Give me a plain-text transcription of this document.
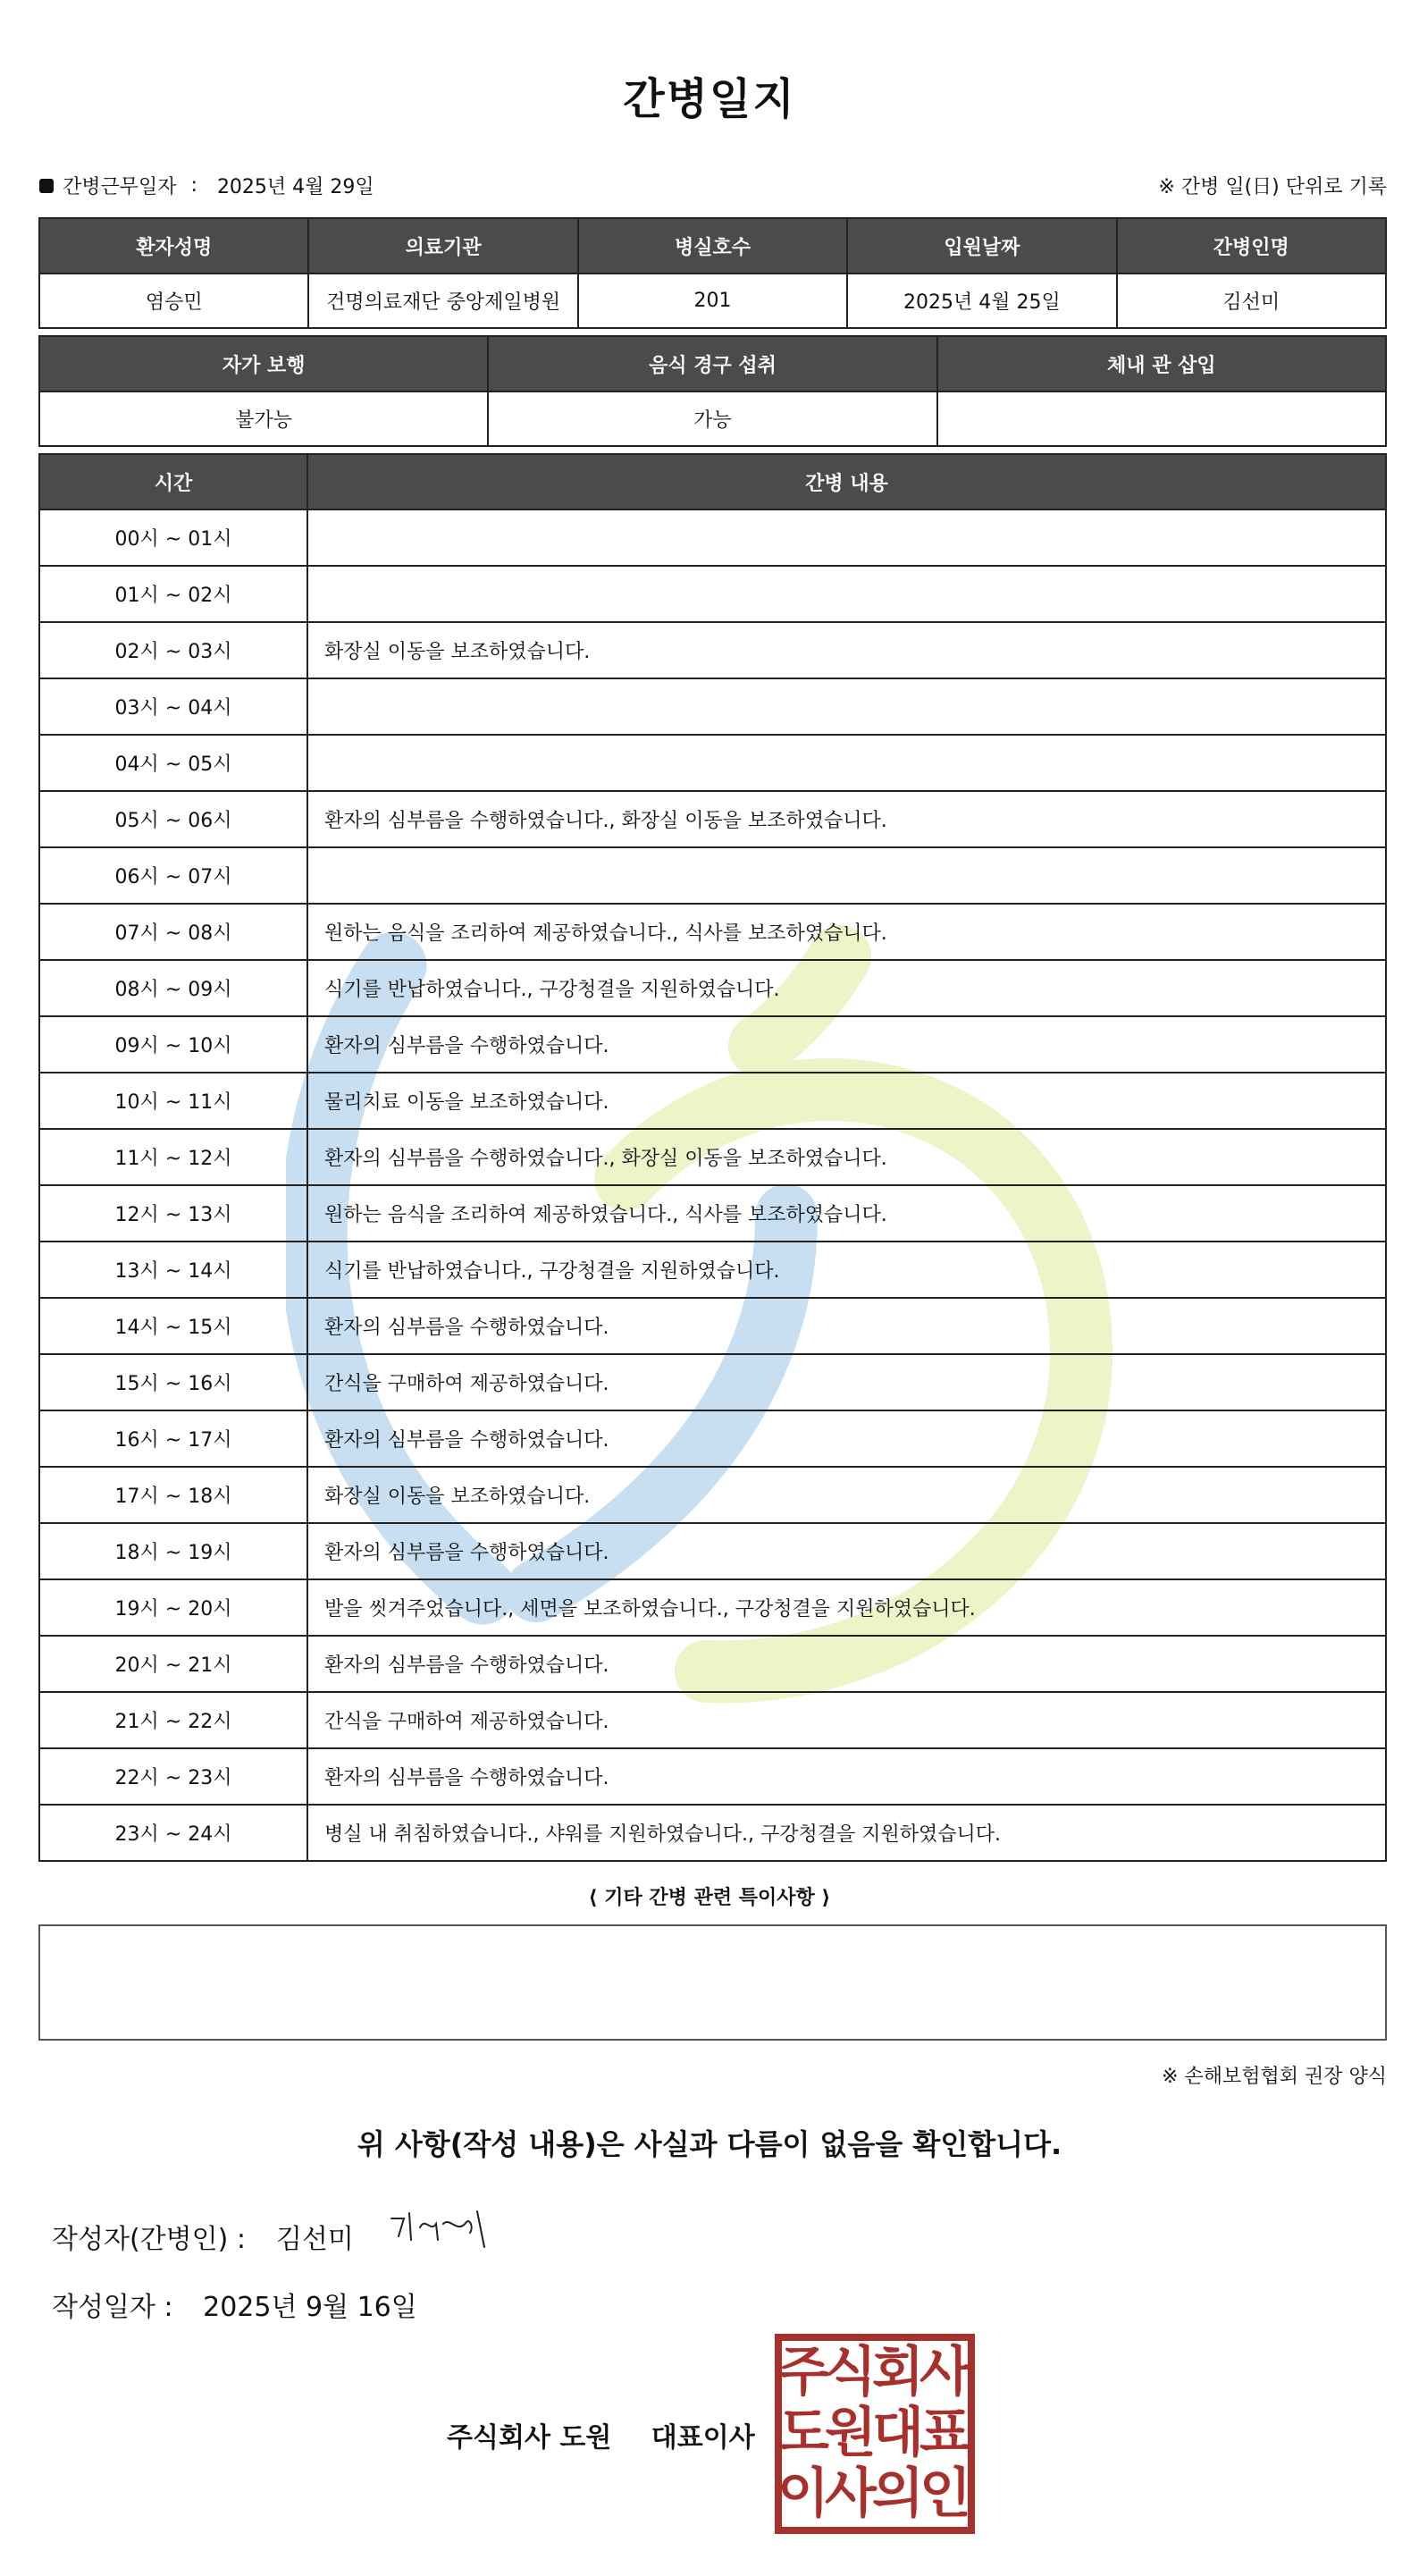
간병일지
간병근무일자 : 2025년 4월 29일	※ 간병 일(日) 단위로 기록
환자성명	의료기관	병실호수	입원날짜	간병인명
염승민	건명의료재단 중앙제일병원	201	2025년 4월 25일	김선미
자가 보행	음식 경구 섭취	체내 관 삽입
불가능	가능	
시간	간병 내용
00시 ~ 01시	
01시 ~ 02시	
02시 ~ 03시	화장실 이동을 보조하였습니다.
03시 ~ 04시	
04시 ~ 05시	
05시 ~ 06시	환자의 심부름을 수행하였습니다., 화장실 이동을 보조하였습니다.
06시 ~ 07시	
07시 ~ 08시	원하는 음식을 조리하여 제공하였습니다., 식사를 보조하였습니다.
08시 ~ 09시	식기를 반납하였습니다., 구강청결을 지원하였습니다.
09시 ~ 10시	환자의 심부름을 수행하였습니다.
10시 ~ 11시	물리치료 이동을 보조하였습니다.
11시 ~ 12시	환자의 심부름을 수행하였습니다., 화장실 이동을 보조하였습니다.
12시 ~ 13시	원하는 음식을 조리하여 제공하였습니다., 식사를 보조하였습니다.
13시 ~ 14시	식기를 반납하였습니다., 구강청결을 지원하였습니다.
14시 ~ 15시	환자의 심부름을 수행하였습니다.
15시 ~ 16시	간식을 구매하여 제공하였습니다.
16시 ~ 17시	환자의 심부름을 수행하였습니다.
17시 ~ 18시	화장실 이동을 보조하였습니다.
18시 ~ 19시	환자의 심부름을 수행하였습니다.
19시 ~ 20시	발을 씻겨주었습니다., 세면을 보조하였습니다., 구강청결을 지원하였습니다.
20시 ~ 21시	환자의 심부름을 수행하였습니다.
21시 ~ 22시	간식을 구매하여 제공하였습니다.
22시 ~ 23시	환자의 심부름을 수행하였습니다.
23시 ~ 24시	병실 내 취침하였습니다., 샤워를 지원하였습니다., 구강청결을 지원하였습니다.
⟨ 기타 간병 관련 특이사항 ⟩
※ 손해보험협회 권장 양식
위 사항(작성 내용)은 사실과 다름이 없음을 확인합니다.
작성자(간병인) : 김선미
작성일자 : 2025년 9월 16일
주식회사 도원 대표이사
주
식
회
사
도
원
대
표
이
사
의
인
